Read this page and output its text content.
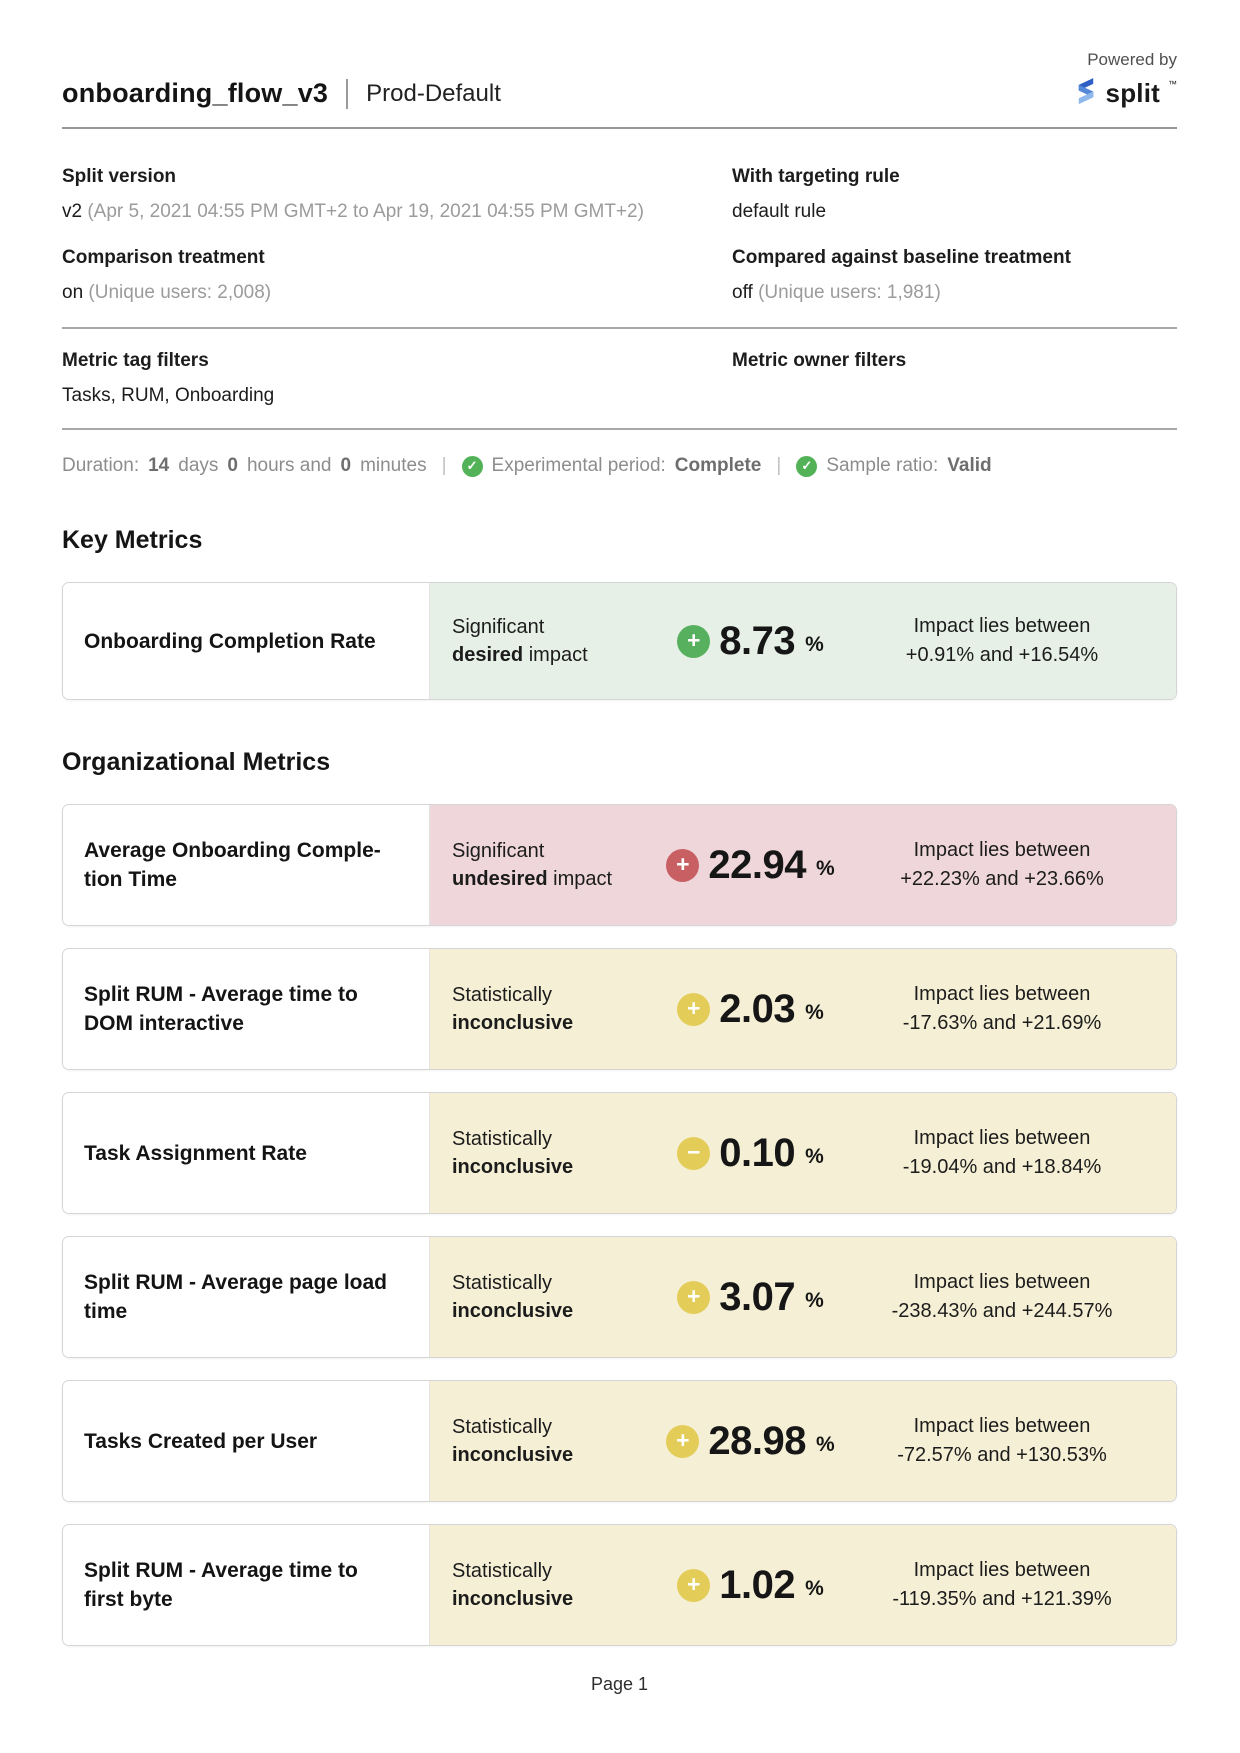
onboarding_flow_v3 Prod-Default
Powered by
split ™
Split version
v2 (Apr 5, 2021 04:55 PM GMT+2 to Apr 19, 2021 04:55 PM GMT+2)
With targeting rule
default rule
Comparison treatment
on (Unique users: 2,008)
Compared against baseline treatment
off (Unique users: 1,981)
Metric tag filters
Tasks, RUM, Onboarding
Metric owner filters
Duration: 14 days 0 hours and 0 minutes |	✓ Experimental period: Complete |	✓ Sample ratio: Valid
Key Metrics
Onboarding Completion Rate
Significant
desired impact
+ 8.73 %
Impact lies between
+0.91% and +16.54%
Organizational Metrics
Average Onboarding Comple-
tion Time
Significant
undesired impact
+ 22.94 %
Impact lies between
+22.23% and +23.66%
Split RUM - Average time to
DOM interactive
Statistically
inconclusive
+ 2.03 %
Impact lies between
-17.63% and +21.69%
Task Assignment Rate
Statistically
inconclusive
− 0.10 %
Impact lies between
-19.04% and +18.84%
Split RUM - Average page load
time
Statistically
inconclusive
+ 3.07 %
Impact lies between
-238.43% and +244.57%
Tasks Created per User
Statistically
inconclusive
+ 28.98 %
Impact lies between
-72.57% and +130.53%
Split RUM - Average time to
first byte
Statistically
inconclusive
+ 1.02 %
Impact lies between
-119.35% and +121.39%
Page 1
